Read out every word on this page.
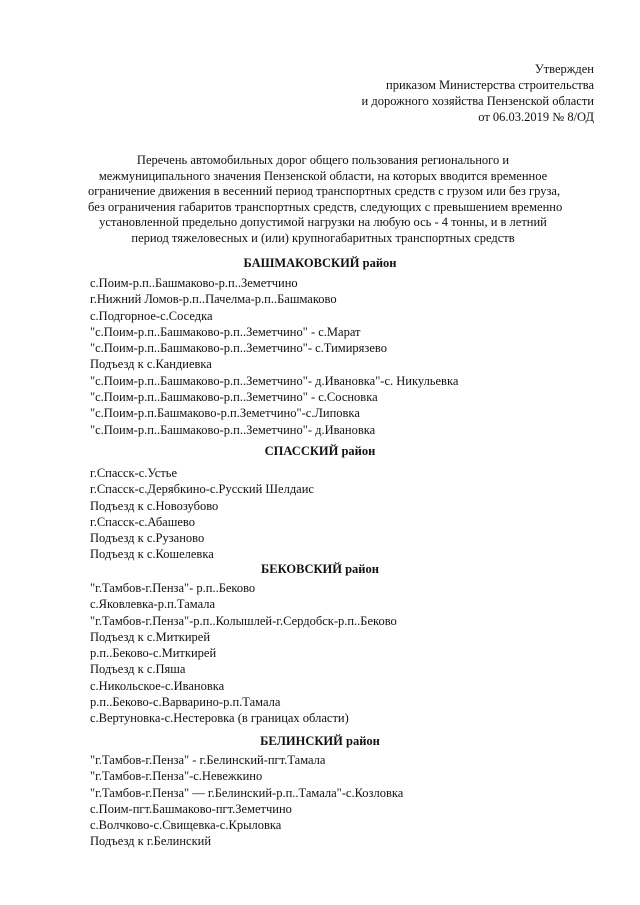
Утвержден
приказом Министерства строительства
и дорожного хозяйства Пензенской области
от 06.03.2019 № 8/ОД
Перечень автомобильных дорог общего пользования регионального и
межмуниципального значения Пензенской области, на которых вводится временное
ограничение движения в весенний период транспортных средств с грузом или без груза,
без ограничения габаритов транспортных средств, следующих с превышением временно
установленной предельно допустимой нагрузки на любую ось - 4 тонны, и в летний
период тяжеловесных и (или) крупногабаритных транспортных средств
БАШМАКОВСКИЙ район
с.Поим-р.п..Башмаково-р.п..Земетчино
г.Нижний Ломов-р.п..Пачелма-р.п..Башмаково
с.Подгорное-с.Соседка
"с.Поим-р.п..Башмаково-р.п..Земетчино" - с.Марат
"с.Поим-р.п..Башмаково-р.п..Земетчино"- с.Тимирязево
Подъезд к с.Кандиевка
"с.Поим-р.п..Башмаково-р.п..Земетчино"- д.Ивановка"-с. Никульевка
"с.Поим-р.п..Башмаково-р.п..Земетчино" - с.Сосновка
"с.Поим-р.п.Башмаково-р.п.Земетчино"-с.Липовка
"с.Поим-р.п..Башмаково-р.п..Земетчино"- д.Ивановка
СПАССКИЙ район
г.Спасск-с.Устье
г.Спасск-с.Дерябкино-с.Русский Шелдаис
Подъезд к с.Новозубово
г.Спасск-с.Абашево
Подъезд к с.Рузаново
Подъезд к с.Кошелевка
БЕКОВСКИЙ район
"г.Тамбов-г.Пенза"- р.п..Беково
с.Яковлевка-р.п.Тамала
"г.Тамбов-г.Пенза"-р.п..Колышлей-г.Сердобск-р.п..Беково
Подъезд к с.Миткирей
р.п..Беково-с.Миткирей
Подъезд к с.Пяша
с.Никольское-с.Ивановка
р.п..Беково-с.Варварино-р.п.Тамала
с.Вертуновка-с.Нестеровка (в границах области)
БЕЛИНСКИЙ район
"г.Тамбов-г.Пенза" - г.Белинский-пгт.Тамала
"г.Тамбов-г.Пенза"-с.Невежкино
"г.Тамбов-г.Пенза" — г.Белинский-р.п..Тамала"-с.Козловка
с.Поим-пгт.Башмаково-пгт.Земетчино
с.Волчково-с.Свищевка-с.Крыловка
Подъезд к г.Белинский
